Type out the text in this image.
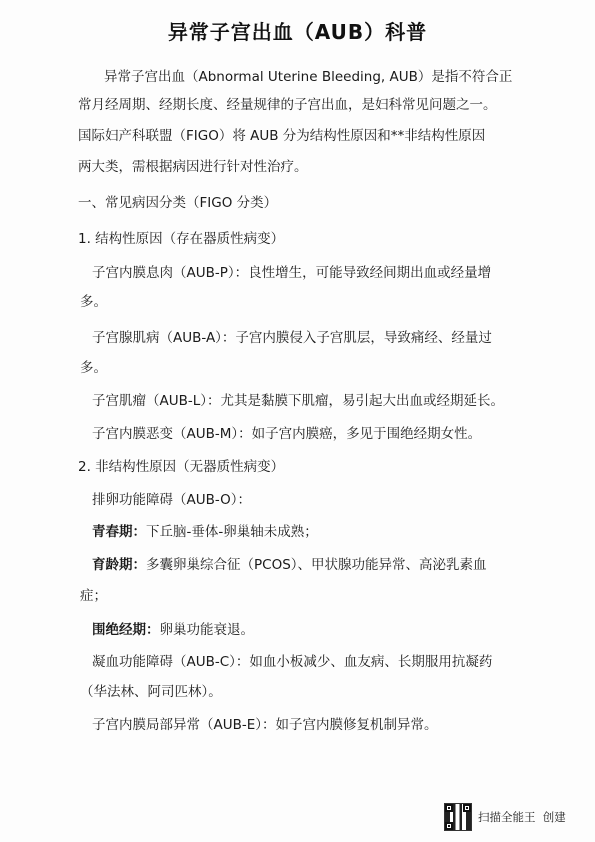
异常子宫出血（AUB）科普
异常子宫出血（Abnormal Uterine Bleeding, AUB）是指不符合正
常月经周期、经期长度、经量规律的子宫出血，是妇科常见问题之一。
国际妇产科联盟（FIGO）将 AUB 分为结构性原因和**非结构性原因
两大类，需根据病因进行针对性治疗。
一、常见病因分类（FIGO 分类）
1. 结构性原因（存在器质性病变）
子宫内膜息肉（AUB-P）：良性增生，可能导致经间期出血或经量增
多。
子宫腺肌病（AUB-A）：子宫内膜侵入子宫肌层，导致痛经、经量过
多。
子宫肌瘤（AUB-L）：尤其是黏膜下肌瘤，易引起大出血或经期延长。
子宫内膜恶变（AUB-M）：如子宫内膜癌，多见于围绝经期女性。
2. 非结构性原因（无器质性病变）
排卵功能障碍（AUB-O）：
青春期：下丘脑-垂体-卵巢轴未成熟；
育龄期：多囊卵巢综合征（PCOS）、甲状腺功能异常、高泌乳素血
症；
围绝经期：卵巢功能衰退。
凝血功能障碍（AUB-C）：如血小板减少、血友病、长期服用抗凝药
（华法林、阿司匹林）。
子宫内膜局部异常（AUB-E）：如子宫内膜修复机制异常。
扫描全能王  创建
